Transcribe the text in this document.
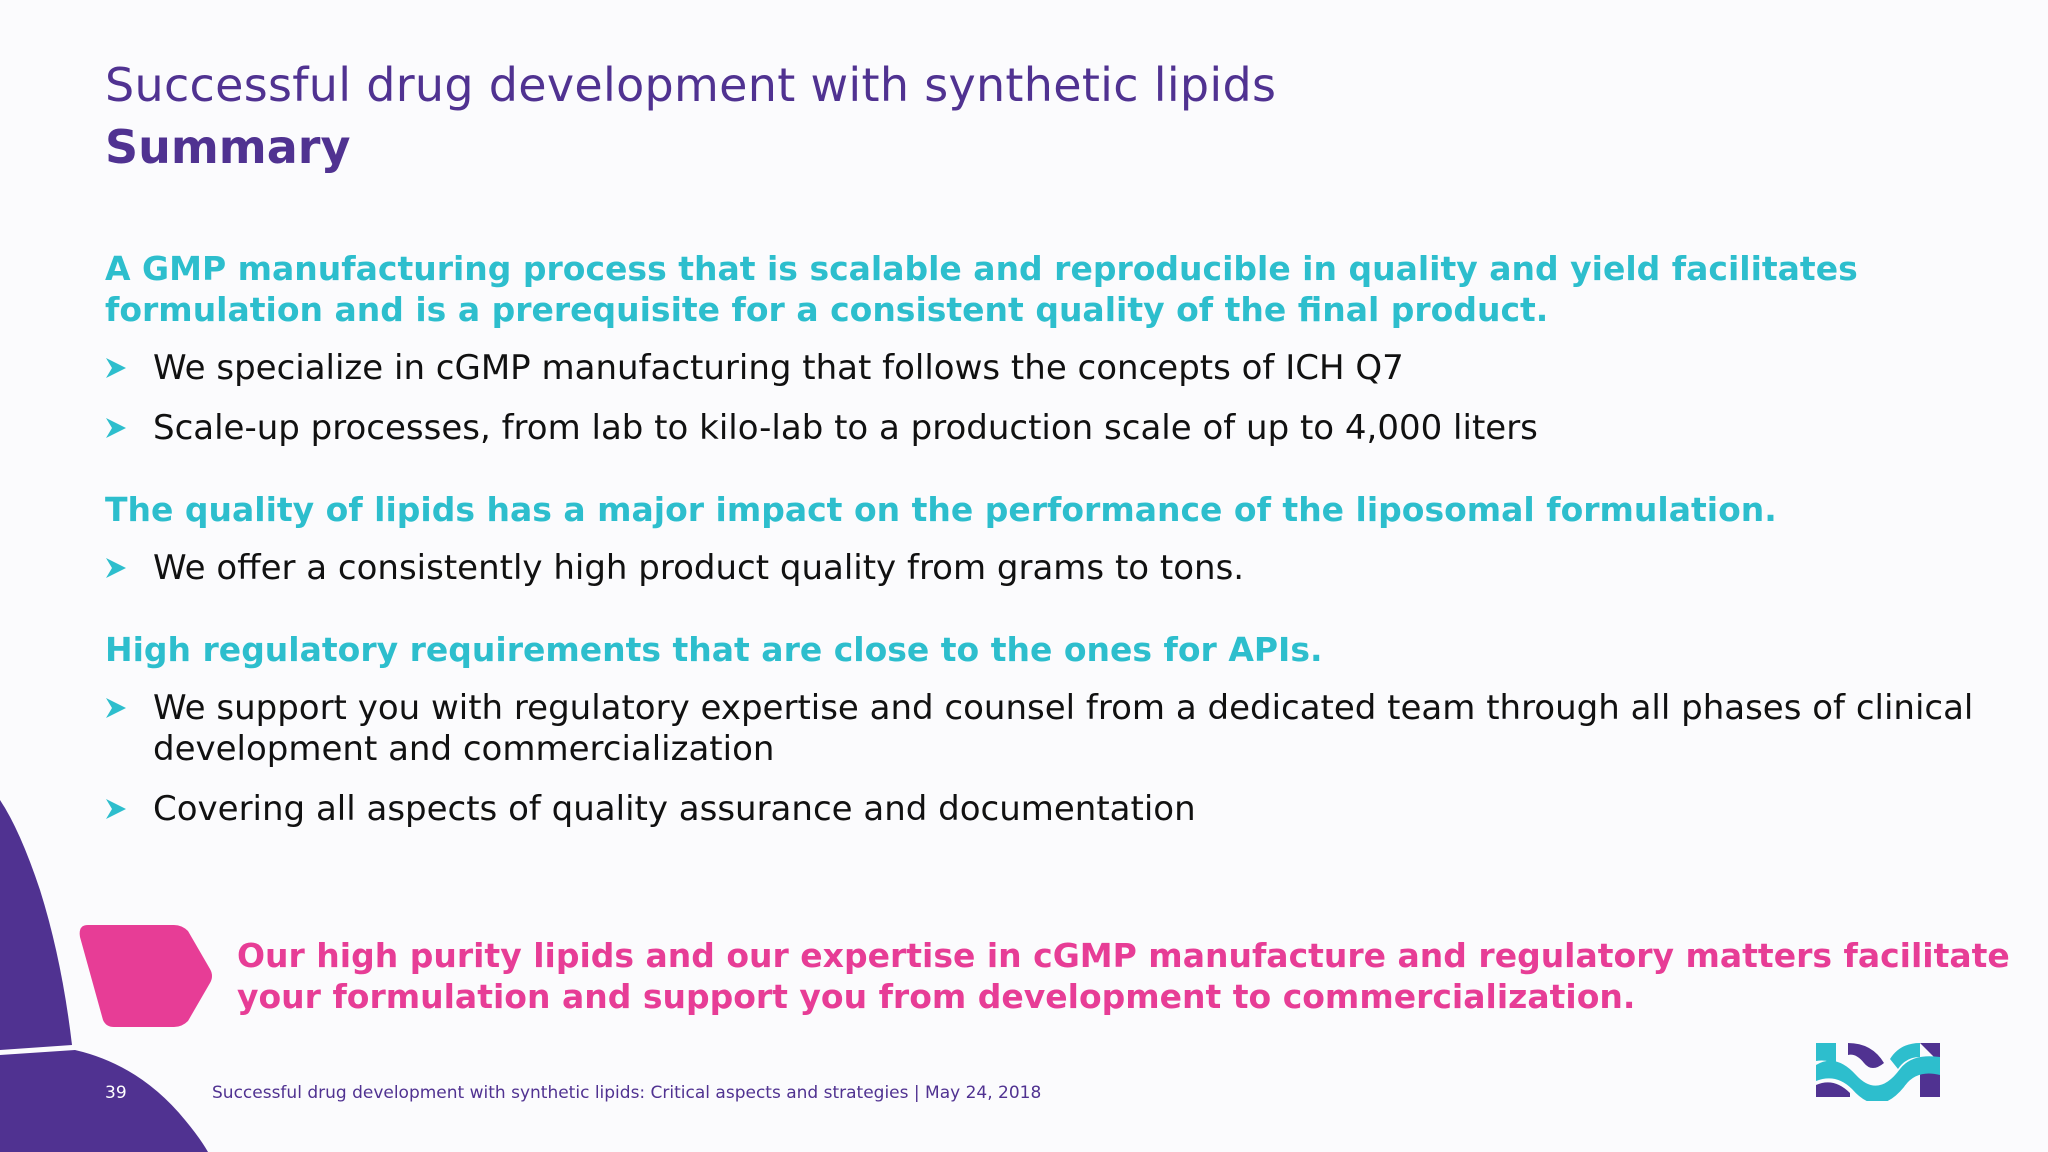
Successful drug development with synthetic lipids
Summary

A GMP manufacturing process that is scalable and reproducible in quality and yield facilitates formulation and is a prerequisite for a consistent quality of the final product.

We specialize in cGMP manufacturing that follows the concepts of ICH Q7
Scale-up processes, from lab to kilo-lab to a production scale of up to 4,000 liters

The quality of lipids has a major impact on the performance of the liposomal formulation.

We offer a consistently high product quality from grams to tons.

High regulatory requirements that are close to the ones for APIs.

We support you with regulatory expertise and counsel from a dedicated team through all phases of clinical development and commercialization
Covering all aspects of quality assurance and documentation
Our high purity lipids and our expertise in cGMP manufacture and regulatory matters facilitate your formulation and support you from development to commercialization.
39	Successful drug development with synthetic lipids: Critical aspects and strategies | May 24, 2018
